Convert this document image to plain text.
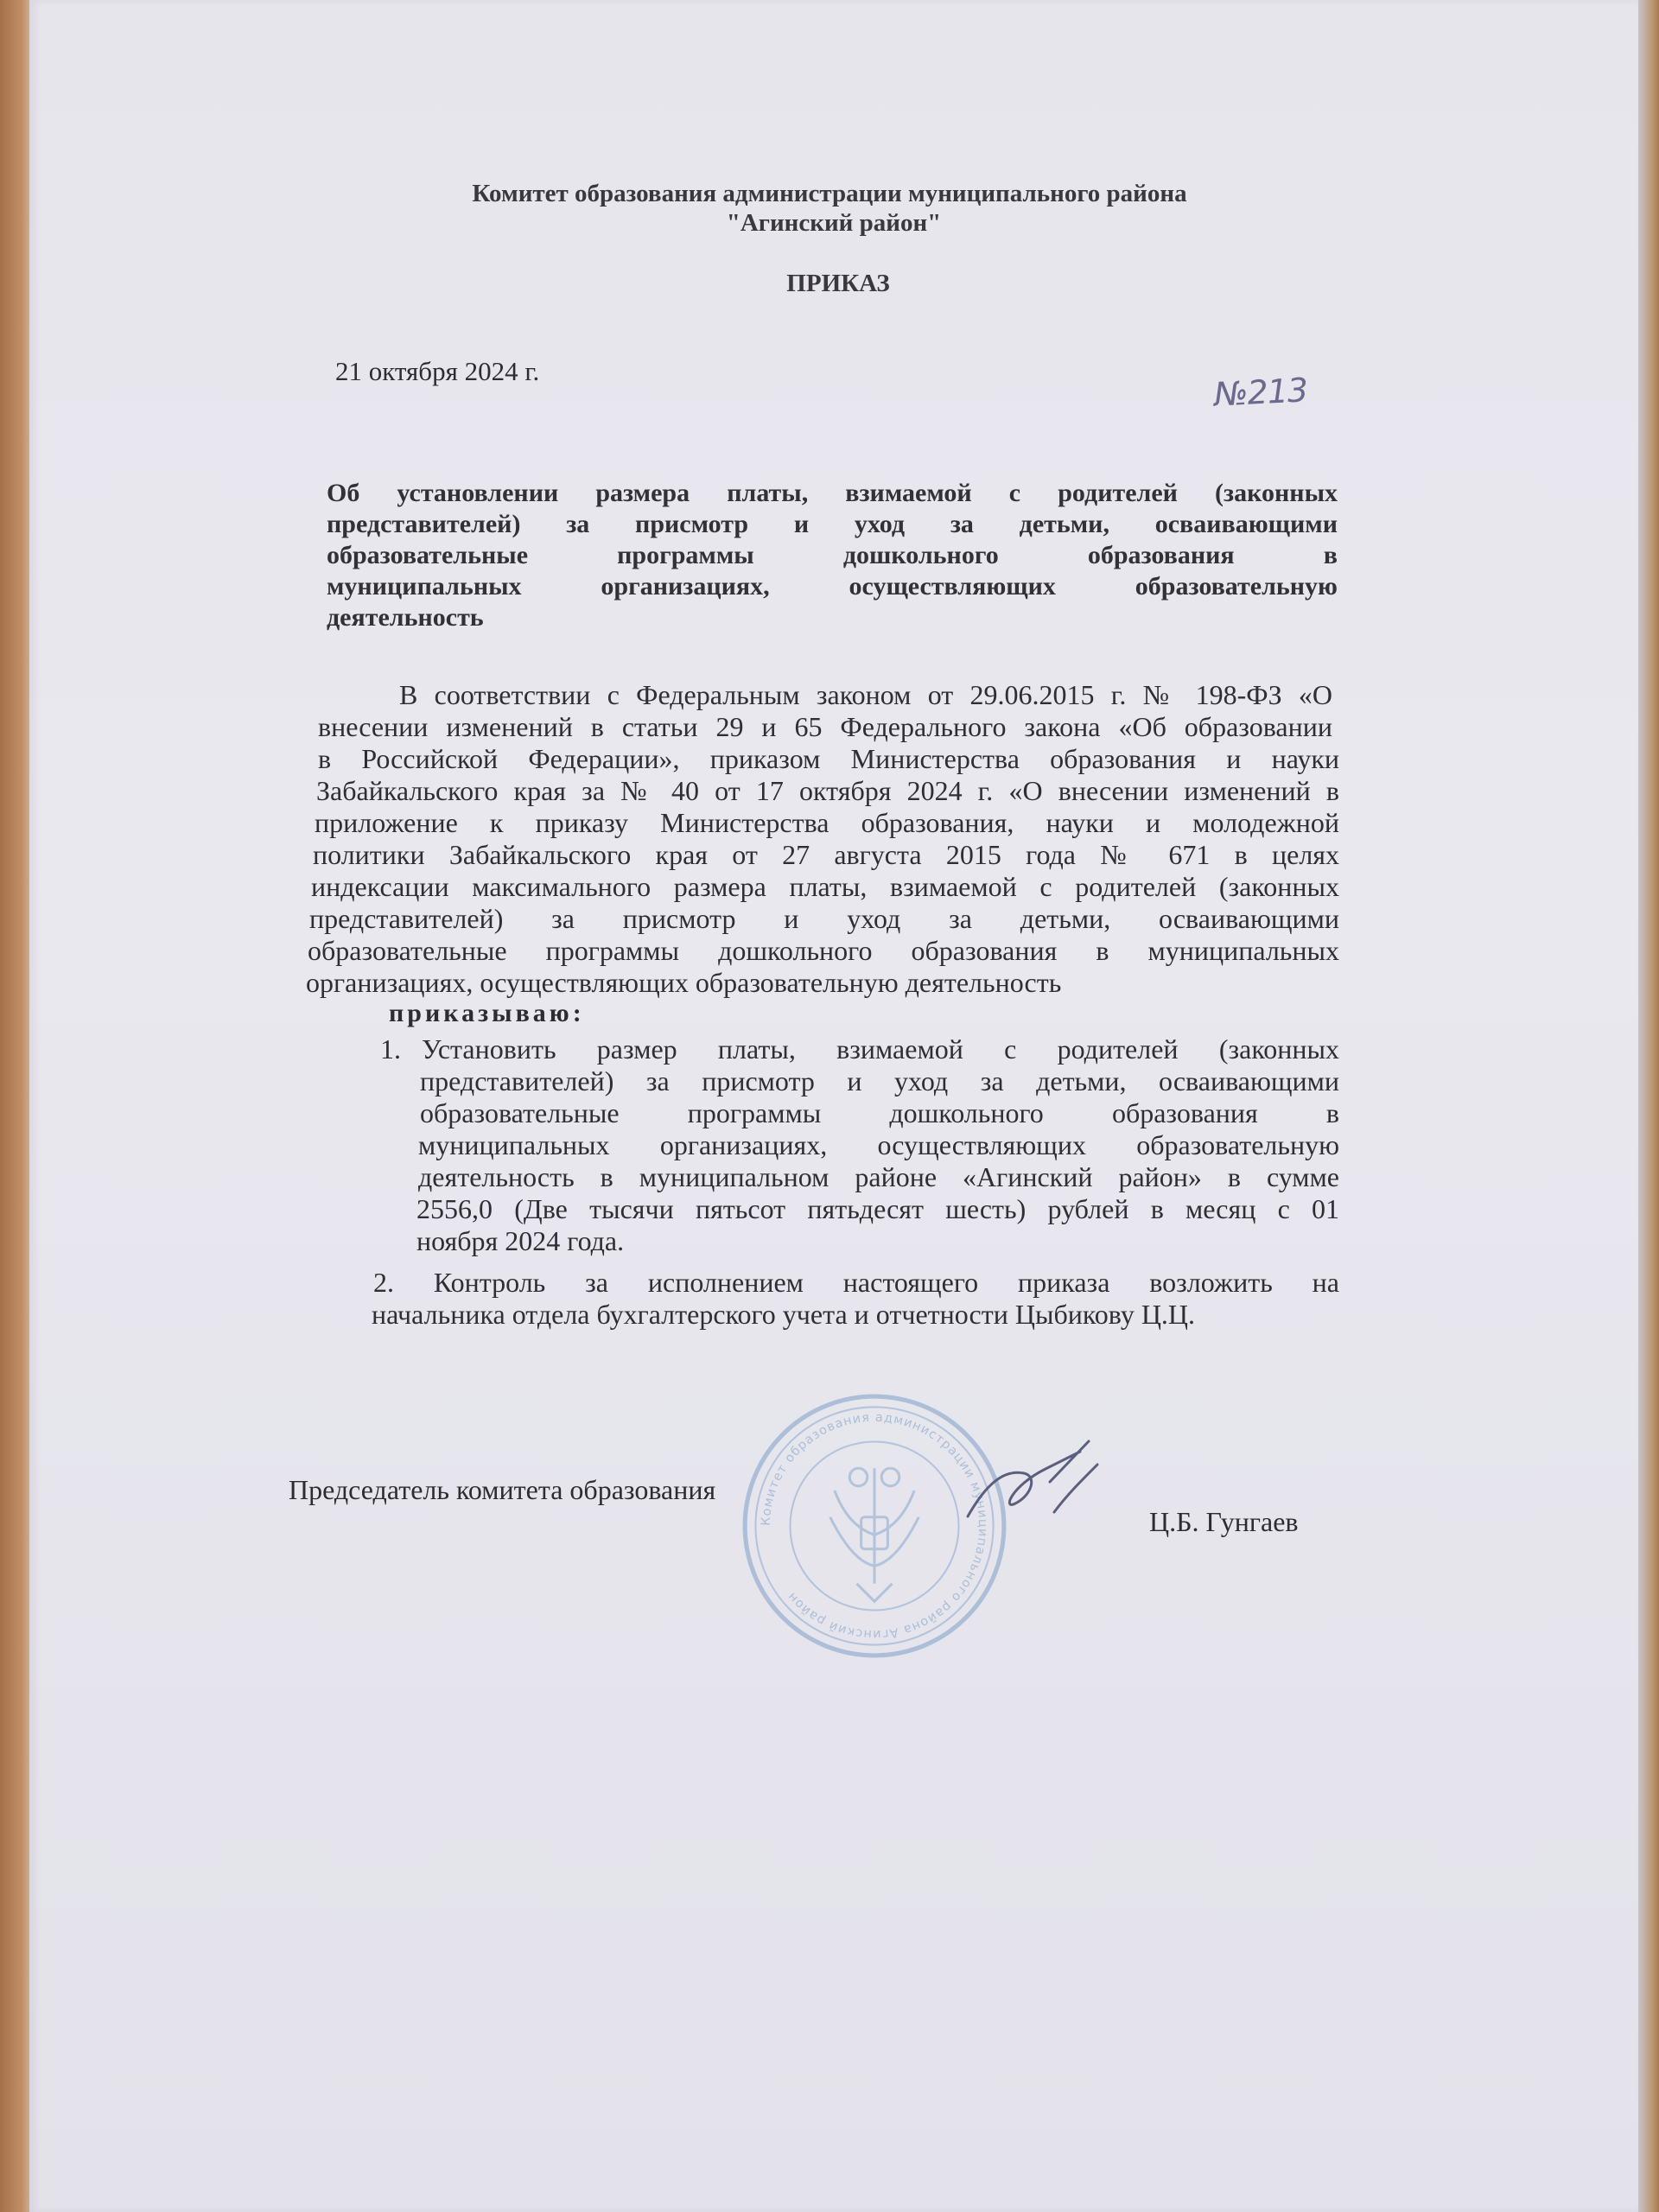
Комитет образования администрации муниципального района

"Агинский район"

ПРИКАЗ

21 октября 2024 г.	№213

Об установлении размера платы, взимаемой с родителей (законных

представителей) за присмотр и уход за детьми, осваивающими

образовательные программы дошкольного образования в

муниципальных организациях, осуществляющих образовательную

деятельность

В соответствии с Федеральным законом от 29.06.2015 г. № 198-ФЗ «О

внесении изменений в статьи 29 и 65 Федерального закона «Об образовании

в Российской Федерации», приказом Министерства образования и науки

Забайкальского края за № 40 от 17 октября 2024 г. «О внесении изменений в

приложение к приказу Министерства образования, науки и молодежной

политики Забайкальского края от 27 августа 2015 года № 671 в целях

индексации максимального размера платы, взимаемой с родителей (законных

представителей) за присмотр и уход за детьми, осваивающими

образовательные программы дошкольного образования в муниципальных

организациях, осуществляющих образовательную деятельность

приказываю:

1. Установить размер платы, взимаемой с родителей (законных

представителей) за присмотр и уход за детьми, осваивающими

образовательные программы дошкольного образования в

муниципальных организациях, осуществляющих образовательную

деятельность в муниципальном районе «Агинский район» в сумме

2556,0 (Две тысячи пятьсот пятьдесят шесть) рублей в месяц с 01

ноября 2024 года.

2. Контроль за исполнением настоящего приказа возложить на

начальника отдела бухгалтерского учета и отчетности Цыбикову Ц.Ц.

Комитет образования администрации муниципального района Агинский район

Председатель комитета образования

Ц.Б. Гунгаев
